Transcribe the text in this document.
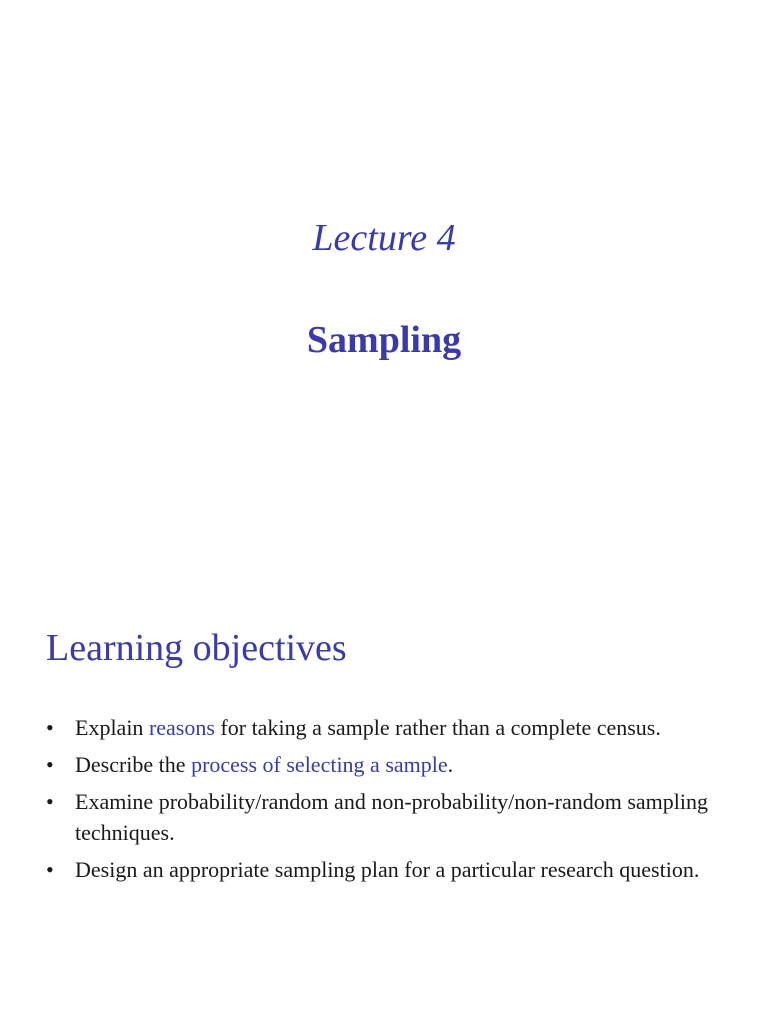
Lecture 4
Sampling
Learning objectives
• Explain reasons for taking a sample rather than a complete census.
• Describe the process of selecting a sample.
• Examine probability/random and non-probability/non-random sampling techniques.
• Design an appropriate sampling plan for a particular research question.
